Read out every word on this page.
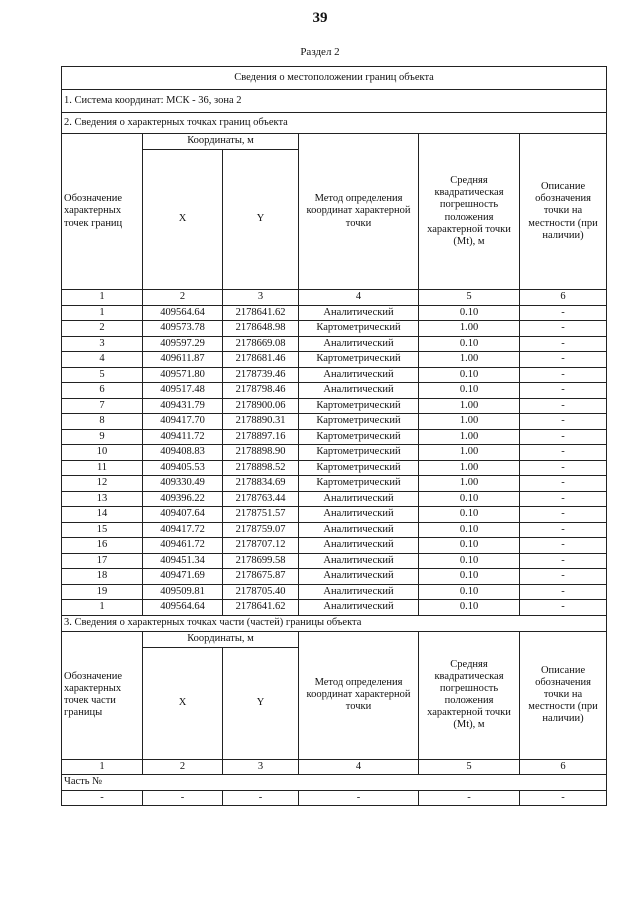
39
Раздел 2
Сведения о местоположении границ объекта					
1. Система координат: МСК - 36, зона 2					
2. Сведения о характерных точках границ объекта					
Обозначение характерных точек границ	Координаты, м		Метод определения координат характерной точки	Средняя квадратическая погрешность положения характерной точки (Mt), м	Описание обозначения точки на местности (при наличии)
	X	Y			
1	2	3	4	5	6
1	409564.64	2178641.62	Аналитический	0.10	-
2	409573.78	2178648.98	Картометрический	1.00	-
3	409597.29	2178669.08	Аналитический	0.10	-
4	409611.87	2178681.46	Картометрический	1.00	-
5	409571.80	2178739.46	Аналитический	0.10	-
6	409517.48	2178798.46	Аналитический	0.10	-
7	409431.79	2178900.06	Картометрический	1.00	-
8	409417.70	2178890.31	Картометрический	1.00	-
9	409411.72	2178897.16	Картометрический	1.00	-
10	409408.83	2178898.90	Картометрический	1.00	-
11	409405.53	2178898.52	Картометрический	1.00	-
12	409330.49	2178834.69	Картометрический	1.00	-
13	409396.22	2178763.44	Аналитический	0.10	-
14	409407.64	2178751.57	Аналитический	0.10	-
15	409417.72	2178759.07	Аналитический	0.10	-
16	409461.72	2178707.12	Аналитический	0.10	-
17	409451.34	2178699.58	Аналитический	0.10	-
18	409471.69	2178675.87	Аналитический	0.10	-
19	409509.81	2178705.40	Аналитический	0.10	-
1	409564.64	2178641.62	Аналитический	0.10	-
3. Сведения о характерных точках части (частей) границы объекта					
Обозначение характерных точек части границы	Координаты, м		Метод определения координат характерной точки	Средняя квадратическая погрешность положения характерной точки (Mt), м	Описание обозначения точки на местности (при наличии)
	X	Y			
1	2	3	4	5	6
Часть №					
-	-	-	-	-	-
